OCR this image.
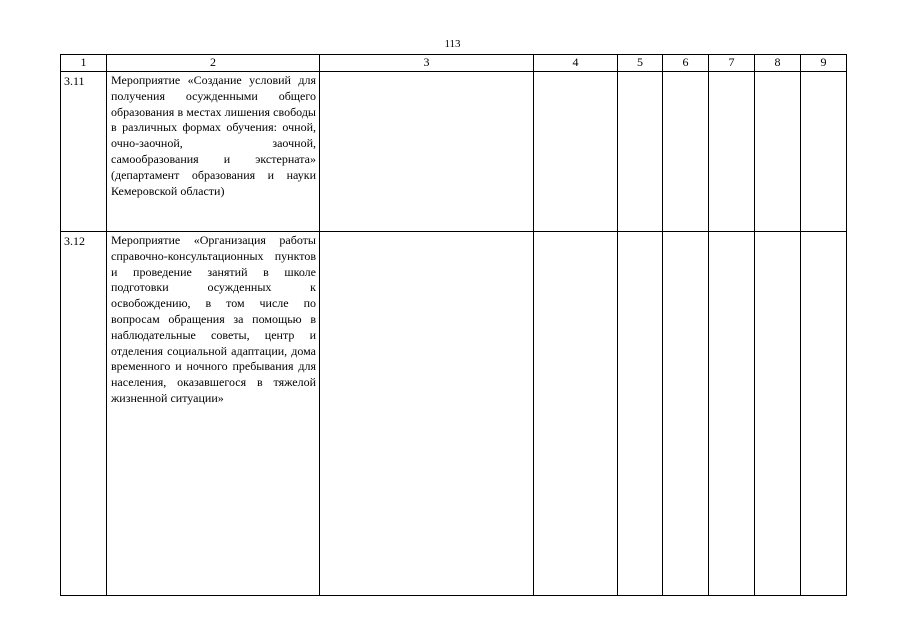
113
1	2	3	4	5	6	7	8	9
3.11	Мероприятие «Создание условий для получения осужденными общего образования в местах лишения свободы в различных формах обучения: очной, очно-заочной, заочной, самообразования и экстерната» (департамент образования и науки Кемеровской области)							

3.12	Мероприятие «Организация работы справочно-консультационных пунктов и проведение занятий в школе подготовки осужденных к освобождению, в том числе по вопросам обращения за помощью в наблюдательные советы, центр и отделения социальной адаптации, дома временного и ночного пребывания для населения, оказавшегося в тяжелой жизненной ситуации»							
